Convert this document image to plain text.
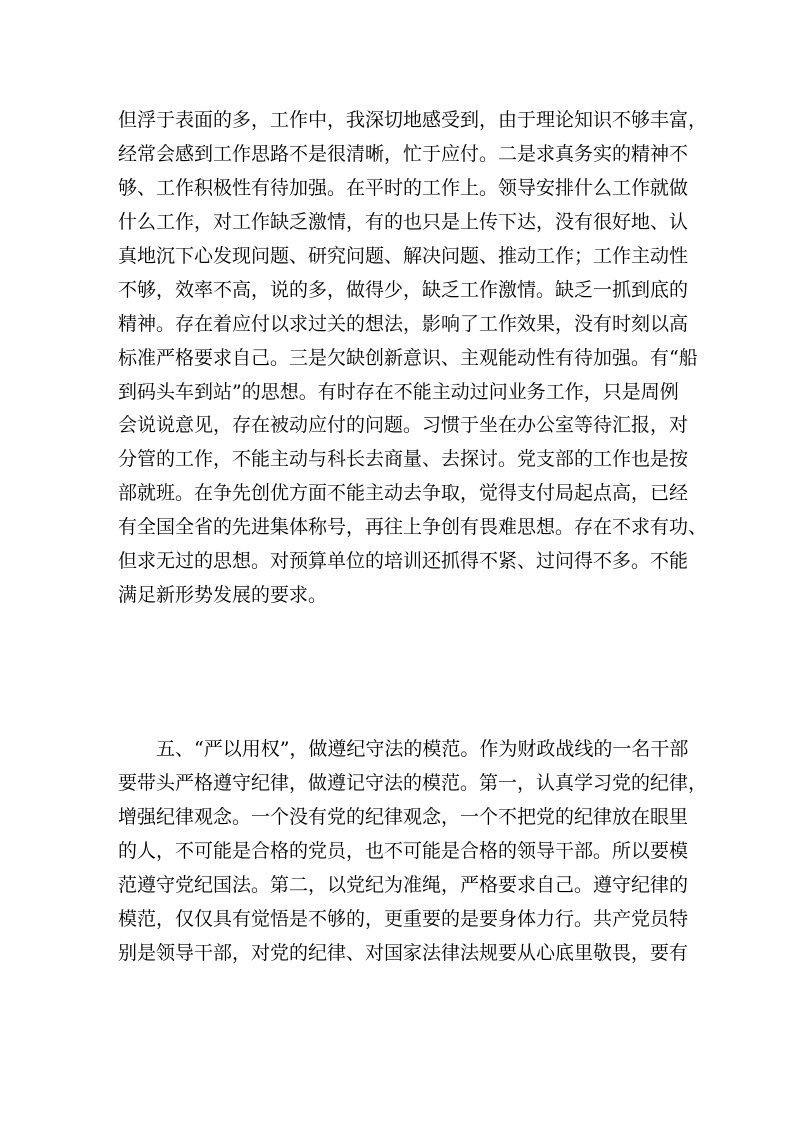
但浮于表面的多，工作中，我深切地感受到，由于理论知识不够丰富，
经常会感到工作思路不是很清晰，忙于应付。二是求真务实的精神不
够、工作积极性有待加强。在平时的工作上。领导安排什么工作就做
什么工作，对工作缺乏激情，有的也只是上传下达，没有很好地、认
真地沉下心发现问题、研究问题、解决问题、推动工作；工作主动性
不够，效率不高，说的多，做得少，缺乏工作激情。缺乏一抓到底的
精神。存在着应付以求过关的想法，影响了工作效果，没有时刻以高
标准严格要求自己。三是欠缺创新意识、主观能动性有待加强。有“船
到码头车到站”的思想。有时存在不能主动过问业务工作，只是周例
会说说意见，存在被动应付的问题。习惯于坐在办公室等待汇报，对
分管的工作，不能主动与科长去商量、去探讨。党支部的工作也是按
部就班。在争先创优方面不能主动去争取，觉得支付局起点高，已经
有全国全省的先进集体称号，再往上争创有畏难思想。存在不求有功、
但求无过的思想。对预算单位的培训还抓得不紧、过问得不多。不能
满足新形势发展的要求。
五、“严以用权”，做遵纪守法的模范。作为财政战线的一名干部
要带头严格遵守纪律，做遵记守法的模范。第一，认真学习党的纪律，
增强纪律观念。一个没有党的纪律观念，一个不把党的纪律放在眼里
的人，不可能是合格的党员，也不可能是合格的领导干部。所以要模
范遵守党纪国法。第二，以党纪为准绳，严格要求自己。遵守纪律的
模范，仅仅具有觉悟是不够的，更重要的是要身体力行。共产党员特
别是领导干部，对党的纪律、对国家法律法规要从心底里敬畏，要有
